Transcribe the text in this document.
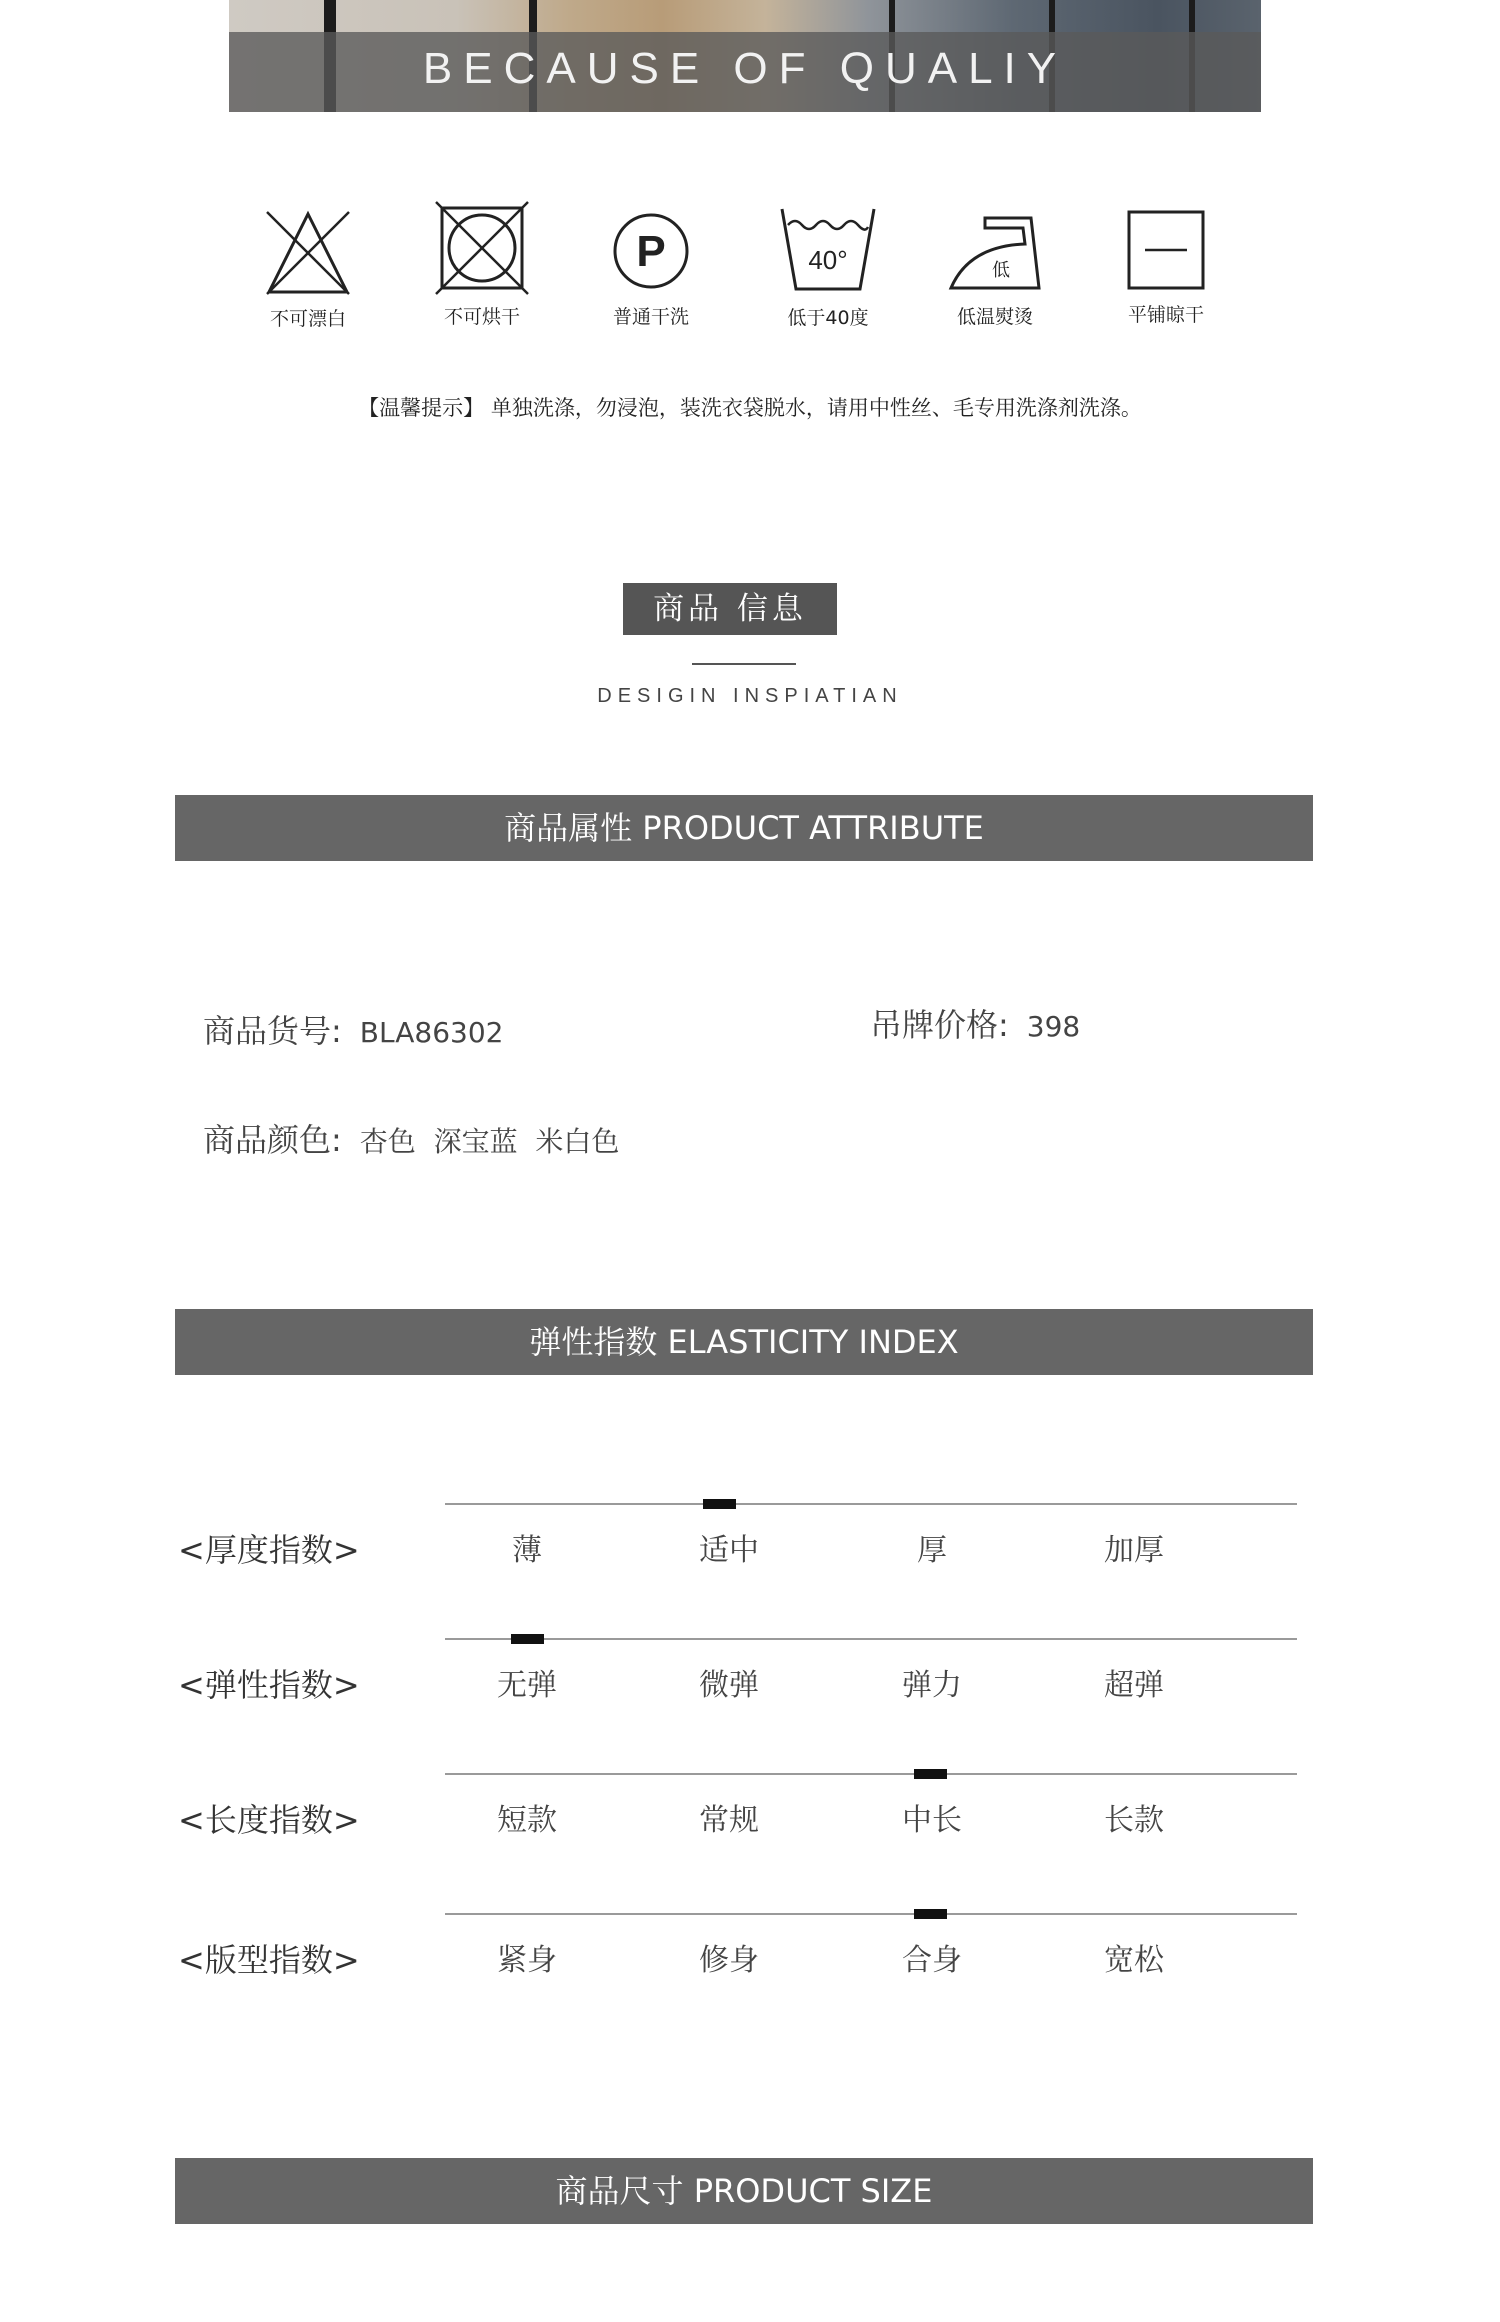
BECAUSE OF QUALIY
不可漂白	不可烘干
P
普通干洗
40°
低于40度
低
低温熨烫	平铺晾干
【温馨提示】 单独洗涤，勿浸泡，装洗衣袋脱水，请用中性丝、毛专用洗涤剂洗涤。
商品 信息
DESIGIN INSPIATIAN
商品属性 PRODUCT ATTRIBUTE
商品货号: BLA86302	吊牌价格: 398
商品颜色: 杏色  深宝蓝  米白色
弹性指数 ELASTICITY INDEX
<厚度指数>	薄	适中	厚	加厚
<弹性指数>	无弹	微弹	弹力	超弹
<长度指数>	短款	常规	中长	长款
<版型指数>	紧身	修身	合身	宽松
商品尺寸 PRODUCT SIZE
